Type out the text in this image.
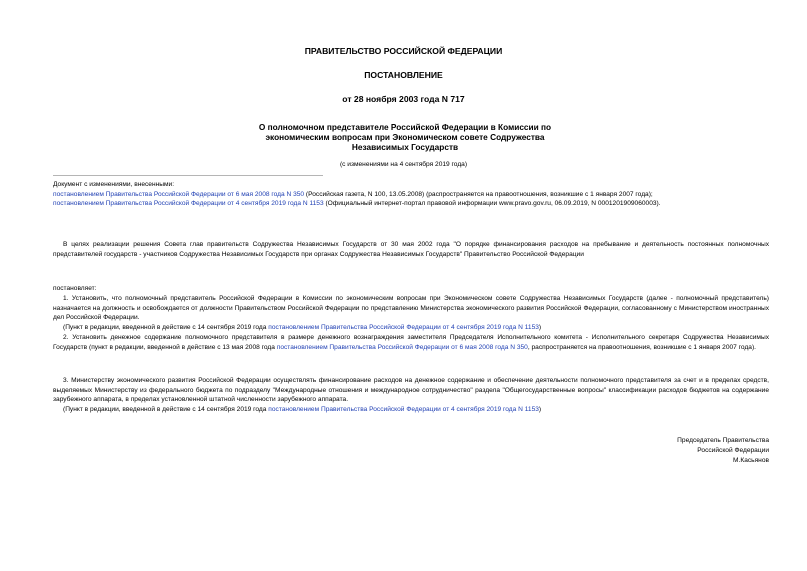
ПРАВИТЕЛЬСТВО РОССИЙСКОЙ ФЕДЕРАЦИИ
ПОСТАНОВЛЕНИЕ
от 28 ноября 2003 года N 717
О полномочном представителе Российской Федерации в Комиссии по
экономическим вопросам при Экономическом совете Содружества
Независимых Государств
(с изменениями на 4 сентября 2019 года)
Документ с изменениями, внесенными:
постановлением Правительства Российской Федерации от 6 мая 2008 года N 350 (Российская газета, N 100, 13.05.2008) (распространяется на правоотношения, возникшие с 1 января 2007 года);
постановлением Правительства Российской Федерации от 4 сентября 2019 года N 1153 (Официальный интернет-портал правовой информации www.pravo.gov.ru, 06.09.2019, N 0001201909060003).
В целях реализации решения Совета глав правительств Содружества Независимых Государств от 30 мая 2002 года "О порядке финансирования расходов на пребывание и деятельность постоянных полномочных представителей государств - участников Содружества Независимых Государств при органах Содружества Независимых Государств" Правительство Российской Федерации
постановляет:
1. Установить, что полномочный представитель Российской Федерации в Комиссии по экономическим вопросам при Экономическом совете Содружества Независимых Государств (далее - полномочный представитель) назначается на должность и освобождается от должности Правительством Российской Федерации по представлению Министерства экономического развития Российской Федерации, согласованному с Министерством иностранных дел Российской Федерации.
(Пункт в редакции, введенной в действие с 14 сентября 2019 года постановлением Правительства Российской Федерации от 4 сентября 2019 года N 1153)
2. Установить денежное содержание полномочного представителя в размере денежного вознаграждения заместителя Председателя Исполнительного комитета - Исполнительного секретаря Содружества Независимых Государств (пункт в редакции, введенной в действие с 13 мая 2008 года постановлением Правительства Российской Федерации от 6 мая 2008 года N 350, распространяется на правоотношения, возникшие с 1 января 2007 года).
3. Министерству экономического развития Российской Федерации осуществлять финансирование расходов на денежное содержание и обеспечение деятельности полномочного представителя за счет и в пределах средств, выделяемых Министерству из федерального бюджета по подразделу "Международные отношения и международное сотрудничество" раздела "Общегосударственные вопросы" классификации расходов бюджетов на содержание зарубежного аппарата, в пределах установленной штатной численности зарубежного аппарата.
(Пункт в редакции, введенной в действие с 14 сентября 2019 года постановлением Правительства Российской Федерации от 4 сентября 2019 года N 1153)
Председатель Правительства
Российской Федерации
М.Касьянов
